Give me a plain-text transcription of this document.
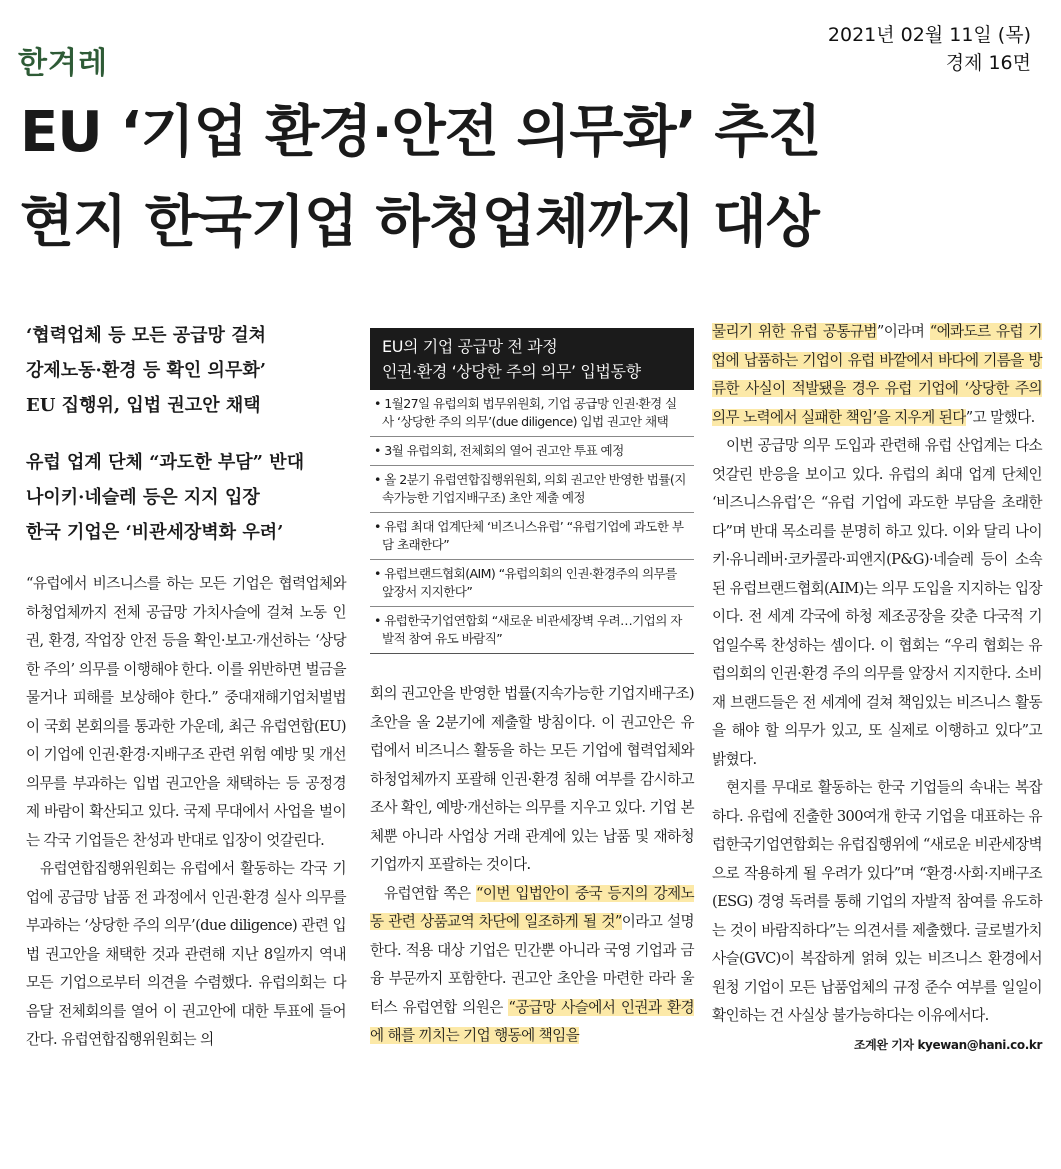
한겨레
2021년 02월 11일 (목)
경제 16면
EU ‘기업 환경·안전 의무화’ 추진
현지 한국기업 하청업체까지 대상

‘협력업체 등 모든 공급망 걸쳐

강제노동·환경 등 확인 의무화’

EU 집행위, 입법 권고안 채택

유럽 업계 단체 “과도한 부담” 반대

나이키·네슬레 등은 지지 입장

한국 기업은 ‘비관세장벽화 우려’

“유럽에서 비즈니스를 하는 모든 기업은 협력업체와 하청업체까지 전체 공급망 가치사슬에 걸쳐 노동 인권, 환경, 작업장 안전 등을 확인·보고·개선하는 ‘상당한 주의’ 의무를 이행해야 한다. 이를 위반하면 벌금을 물거나 피해를 보상해야 한다.” 중대재해기업처벌법이 국회 본회의를 통과한 가운데, 최근 유럽연합(EU)이 기업에 인권·환경·지배구조 관련 위험 예방 및 개선 의무를 부과하는 입법 권고안을 채택하는 등 공정경제 바람이 확산되고 있다. 국제 무대에서 사업을 벌이는 각국 기업들은 찬성과 반대로 입장이 엇갈린다.

유럽연합집행위원회는 유럽에서 활동하는 각국 기업에 공급망 납품 전 과정에서 인권·환경 실사 의무를 부과하는 ‘상당한 주의 의무’(due diligence) 관련 입법 권고안을 채택한 것과 관련해 지난 8일까지 역내 모든 기업으로부터 의견을 수렴했다. 유럽의회는 다음달 전체회의를 열어 이 권고안에 대한 투표에 들어간다. 유럽연합집행위원회는 의

EU의 기업 공급망 전 과정
인권·환경 ‘상당한 주의 의무’ 입법동향
• 1월27일 유럽의회 법무위원회, 기업 공급망 인권·환경 실사 ‘상당한 주의 의무’(due diligence) 입법 권고안 채택
• 3월 유럽의회, 전체회의 열어 권고안 투표 예정
• 올 2분기 유럽연합집행위원회, 의회 권고안 반영한 법률(지속가능한 기업지배구조) 초안 제출 예정
• 유럽 최대 업계단체 ‘비즈니스유럽’ “유럽기업에 과도한 부담 초래한다”
• 유럽브랜드협회(AIM) “유럽의회의 인권·환경주의 의무를 앞장서 지지한다”
• 유럽한국기업연합회 “새로운 비관세장벽 우려…기업의 자발적 참여 유도 바람직”

회의 권고안을 반영한 법률(지속가능한 기업지배구조) 초안을 올 2분기에 제출할 방침이다. 이 권고안은 유럽에서 비즈니스 활동을 하는 모든 기업에 협력업체와 하청업체까지 포괄해 인권·환경 침해 여부를 감시하고 조사 확인, 예방·개선하는 의무를 지우고 있다. 기업 본체뿐 아니라 사업상 거래 관계에 있는 납품 및 재하청기업까지 포괄하는 것이다.

유럽연합 쪽은 “이번 입법안이 중국 등지의 강제노동 관련 상품교역 차단에 일조하게 될 것”이라고 설명한다. 적용 대상 기업은 민간뿐 아니라 국영 기업과 금융 부문까지 포함한다. 권고안 초안을 마련한 라라 울터스 유럽연합 의원은 “공급망 사슬에서 인권과 환경에 해를 끼치는 기업 행동에 책임을

물리기 위한 유럽 공통규범”이라며 “에콰도르 유럽 기업에 납품하는 기업이 유럽 바깥에서 바다에 기름을 방류한 사실이 적발됐을 경우 유럽 기업에 ‘상당한 주의 의무 노력에서 실패한 책임’을 지우게 된다”고 말했다.

이번 공급망 의무 도입과 관련해 유럽 산업계는 다소 엇갈린 반응을 보이고 있다. 유럽의 최대 업계 단체인 ‘비즈니스유럽’은 “유럽 기업에 과도한 부담을 초래한다”며 반대 목소리를 분명히 하고 있다. 이와 달리 나이키·유니레버·코카콜라·피앤지(P&G)·네슬레 등이 소속된 유럽브랜드협회(AIM)는 의무 도입을 지지하는 입장이다. 전 세계 각국에 하청 제조공장을 갖춘 다국적 기업일수록 찬성하는 셈이다. 이 협회는 “우리 협회는 유럽의회의 인권·환경 주의 의무를 앞장서 지지한다. 소비재 브랜드들은 전 세계에 걸쳐 책임있는 비즈니스 활동을 해야 할 의무가 있고, 또 실제로 이행하고 있다”고 밝혔다.

현지를 무대로 활동하는 한국 기업들의 속내는 복잡하다. 유럽에 진출한 300여개 한국 기업을 대표하는 유럽한국기업연합회는 유럽집행위에 “새로운 비관세장벽으로 작용하게 될 우려가 있다”며 “환경·사회·지배구조(ESG) 경영 독려를 통해 기업의 자발적 참여를 유도하는 것이 바람직하다”는 의견서를 제출했다. 글로벌가치사슬(GVC)이 복잡하게 얽혀 있는 비즈니스 환경에서 원청 기업이 모든 납품업체의 규정 준수 여부를 일일이 확인하는 건 사실상 불가능하다는 이유에서다.
조계완 기자 kyewan@hani.co.kr
